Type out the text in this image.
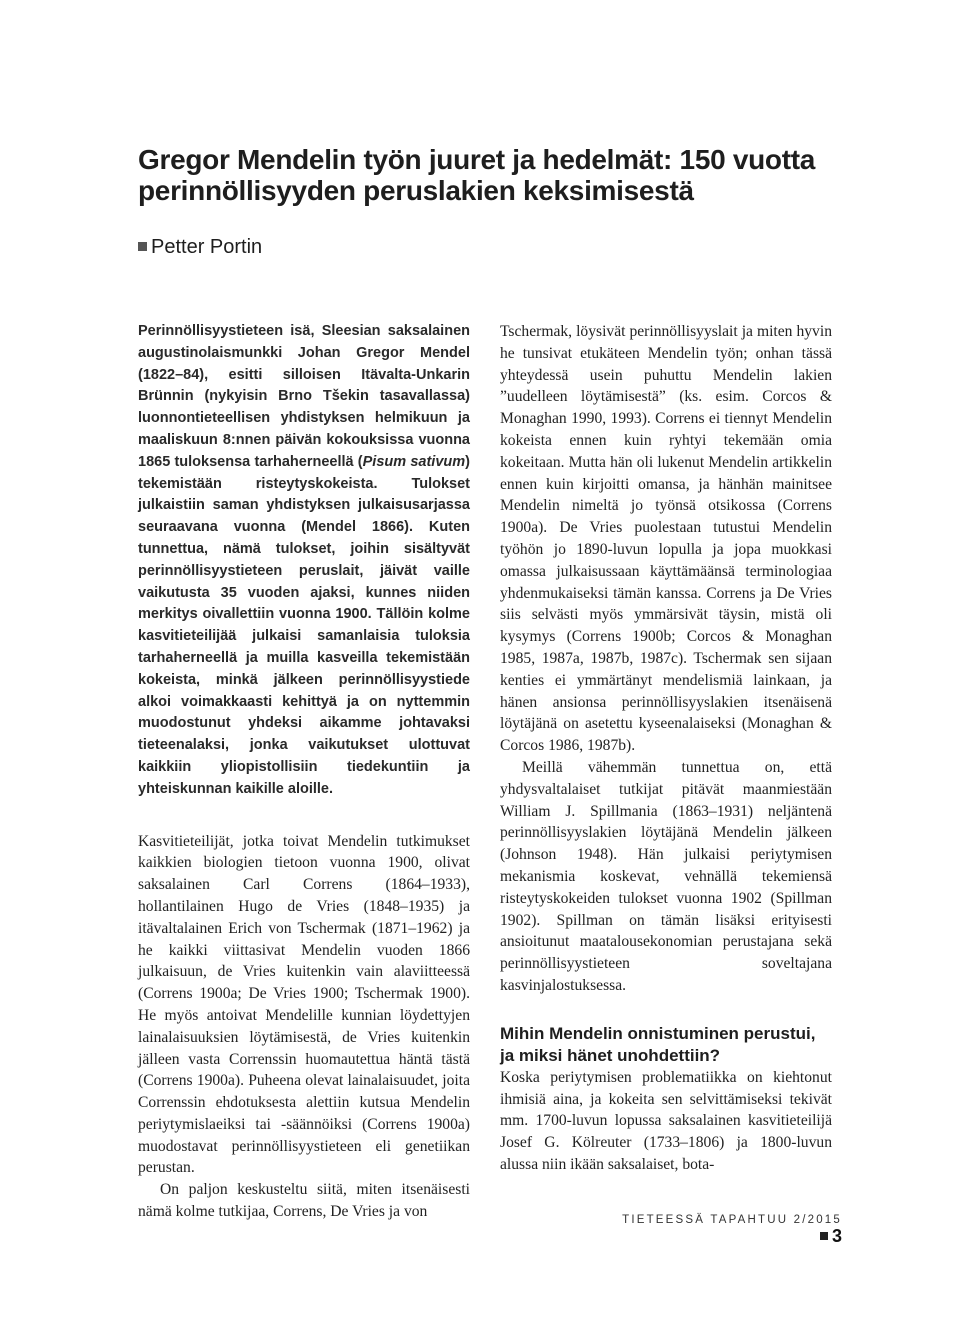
Gregor Mendelin työn juuret ja hedelmät: 150 vuotta
perinnöllisyyden peruslakien keksimisestä
Petter Portin

Perinnöllisyystieteen isä, Sleesian saksalainen augustinolaismunkki Johan Gregor Mendel (1822–84), esitti silloisen Itävalta-Unkarin Brünnin (nykyisin Brno Tšekin tasavallassa) luonnontieteellisen yhdistyksen helmikuun ja maaliskuun 8:nnen päivän kokouksissa vuonna 1865 tuloksensa tarhaherneellä (Pisum sativum) tekemistään risteytyskokeista. Tulokset julkaistiin saman yhdistyksen julkaisusarjassa seuraavana vuonna (Mendel 1866). Kuten tunnettua, nämä tulokset, joihin sisältyvät perinnöllisyystieteen peruslait, jäivät vaille vaikutusta 35 vuoden ajaksi, kunnes niiden merkitys oivallettiin vuonna 1900. Tällöin kolme kasvitieteilijää julkaisi samanlaisia tuloksia tarhaherneellä ja muilla kasveilla tekemistään kokeista, minkä jälkeen perinnöllisyystiede alkoi voimakkaasti kehittyä ja on nyttemmin muodostunut yhdeksi aikamme johtavaksi tieteenalaksi, jonka vaikutukset ulottuvat kaikkiin yliopistollisiin tiedekuntiin ja yhteiskunnan kaikille aloille.

Kasvitieteilijät, jotka toivat Mendelin tutkimukset kaikkien biologien tietoon vuonna 1900, olivat saksalainen Carl Correns (1864–1933), hollantilainen Hugo de Vries (1848–1935) ja itävaltalainen Erich von Tschermak (1871–1962) ja he kaikki viittasivat Mendelin vuoden 1866 julkaisuun, de Vries kuitenkin vain alaviitteessä (Correns 1900a; De Vries 1900; Tschermak 1900). He myös antoivat Mendelille kunnian löydettyjen lainalaisuuksien löytämisestä, de Vries kuitenkin jälleen vasta Correnssin huomautettua häntä tästä (Correns 1900a). Puheena olevat lainalaisuudet, joita Correnssin ehdotuksesta alettiin kutsua Mendelin periytymislaeiksi tai -säännöiksi (Correns 1900a) muodostavat perinnöllisyystieteen eli genetiikan perustan.

On paljon keskusteltu siitä, miten itsenäisesti nämä kolme tutkijaa, Correns, De Vries ja von

Tschermak, löysivät perinnöllisyyslait ja miten hyvin he tunsivat etukäteen Mendelin työn; onhan tässä yhteydessä usein puhuttu Mendelin lakien ”uudelleen löytämisestä” (ks. esim. Corcos & Monaghan 1990, 1993). Correns ei tiennyt Mendelin kokeista ennen kuin ryhtyi tekemään omia kokeitaan. Mutta hän oli lukenut Mendelin artikkelin ennen kuin kirjoitti omansa, ja hänhän mainitsee Mendelin nimeltä jo työnsä otsikossa (Correns 1900a). De Vries puolestaan tutustui Mendelin työhön jo 1890-luvun lopulla ja jopa muokkasi omassa julkaisussaan käyttämäänsä terminologiaa yhdenmukaiseksi tämän kanssa. Correns ja De Vries siis selvästi myös ymmärsivät täysin, mistä oli kysymys (Correns 1900b; Corcos & Monaghan 1985, 1987a, 1987b, 1987c). Tschermak sen sijaan kenties ei ymmärtänyt mendelismiä lainkaan, ja hänen ansionsa perinnöllisyyslakien itsenäisenä löytäjänä on asetettu kyseenalaiseksi (Monaghan & Corcos 1986, 1987b).

Meillä vähemmän tunnettua on, että yhdysvaltalaiset tutkijat pitävät maanmiestään William J. Spillmania (1863–1931) neljäntenä perinnöllisyyslakien löytäjänä Mendelin jälkeen (Johnson 1948). Hän julkaisi periytymisen mekanismia koskevat, vehnällä tekemiensä risteytyskokeiden tulokset vuonna 1902 (Spillman 1902). Spillman on tämän lisäksi erityisesti ansioitunut maatalousekonomian perustajana sekä perinnöllisyystieteen soveltajana kasvinjalostuksessa.

Mihin Mendelin onnistuminen perustui,
ja miksi hänet unohdettiin?

Koska periytymisen problematiikka on kiehtonut ihmisiä aina, ja kokeita sen selvittämiseksi tekivät mm. 1700-luvun lopussa saksalainen kasvitieteilijä Josef G. Kölreuter (1733–1806) ja 1800-luvun alussa niin ikään saksalaiset, bota-

TIETEESSÄ TAPAHTUU 2/20153
